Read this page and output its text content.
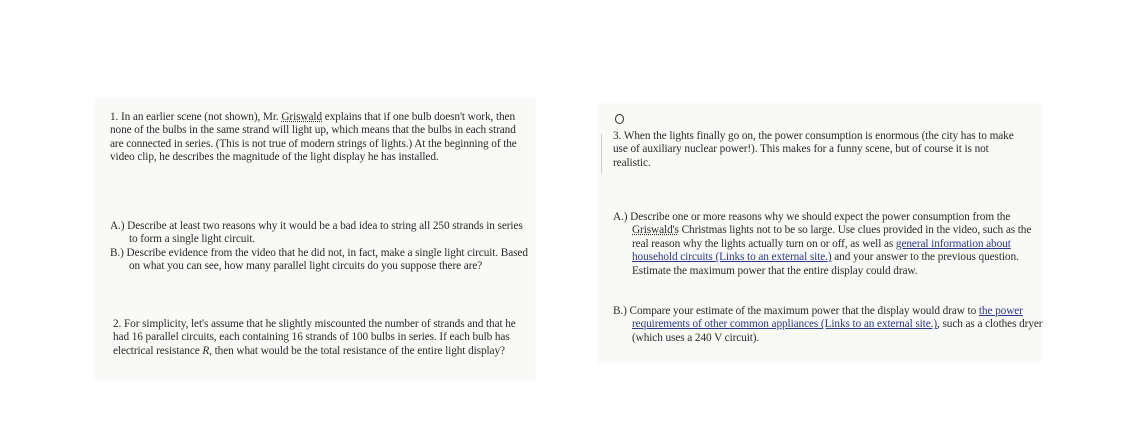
1. In an earlier scene (not shown), Mr. Griswald explains that if one bulb doesn't work, then none of the bulbs in the same strand will light up, which means that the bulbs in each strand are connected in series. (This is not true of modern strings of lights.) At the beginning of the video clip, he describes the magnitude of the light display he has installed.

A.) Describe at least two reasons why it would be a bad idea to string all 250 strands in series to form a single light circuit.

B.) Describe evidence from the video that he did not, in fact, make a single light circuit. Based on what you can see, how many parallel light circuits do you suppose there are?

2. For simplicity, let's assume that he slightly miscounted the number of strands and that he had 16 parallel circuits, each containing 16 strands of 100 bulbs in series. If each bulb has electrical resistance R, then what would be the total resistance of the entire light display?

3. When the lights finally go on, the power consumption is enormous (the city has to make use of auxiliary nuclear power!). This makes for a funny scene, but of course it is not realistic.

A.) Describe one or more reasons why we should expect the power consumption from the Griswald's Christmas lights not to be so large. Use clues provided in the video, such as the real reason why the lights actually turn on or off, as well as general information about household circuits (Links to an external site.) and your answer to the previous question. Estimate the maximum power that the entire display could draw.

B.) Compare your estimate of the maximum power that the display would draw to the power requirements of other common appliances (Links to an external site.), such as a clothes dryer (which uses a 240 V circuit).
